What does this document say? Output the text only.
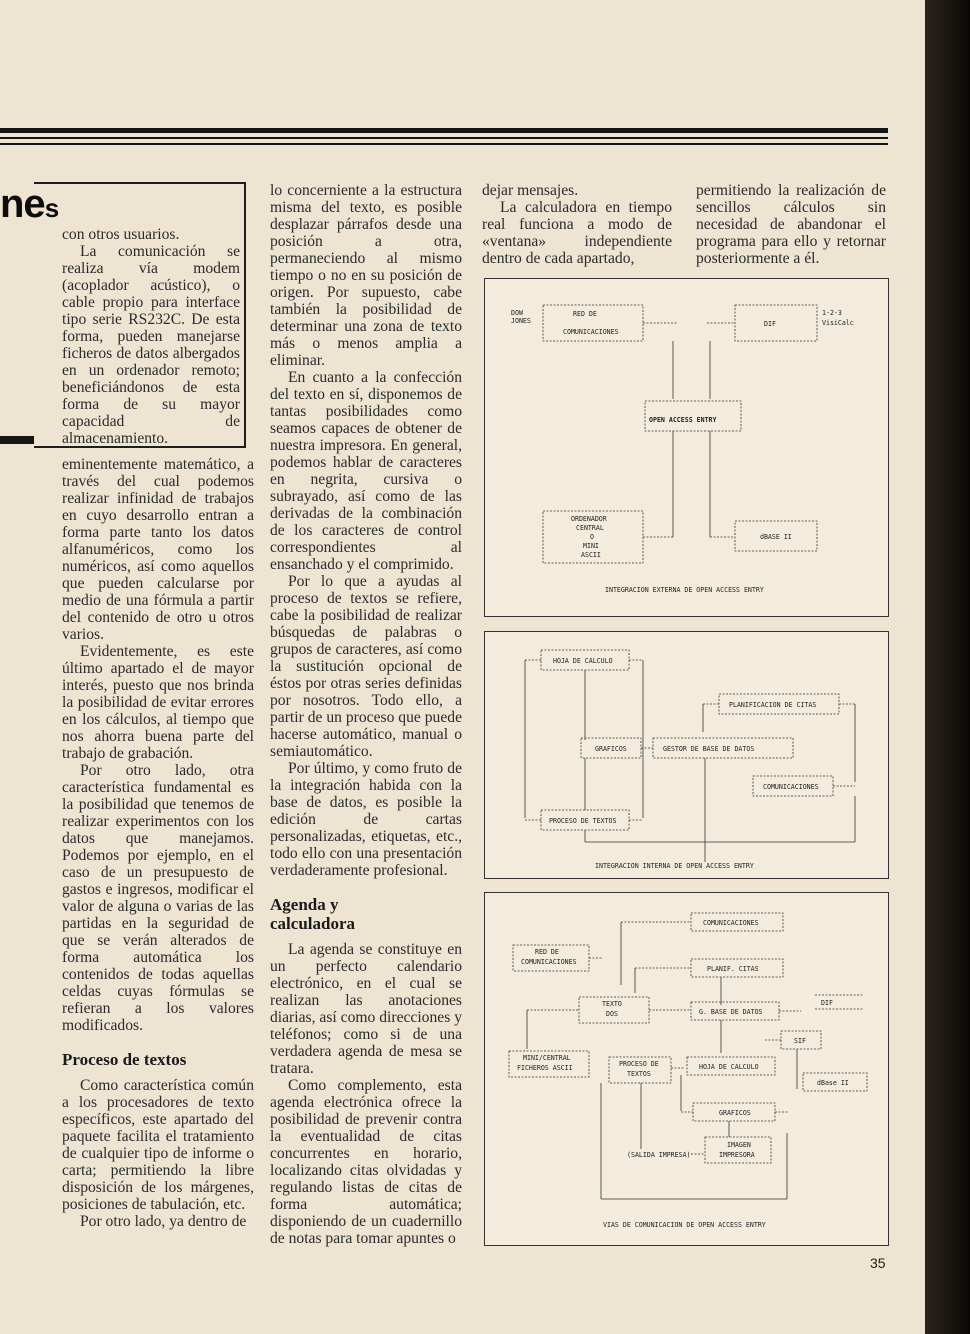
nes

con otros usuarios.

La comunicación se realiza vía modem (acoplador acústico), o cable propio para interface tipo serie RS232C. De esta forma, pueden manejarse ficheros de datos albergados en un ordenador remoto; beneficiándonos de esta forma de su mayor capacidad de almacenamiento.

eminentemente matemático, a través del cual podemos realizar infinidad de trabajos en cuyo desarrollo entran a forma parte tanto los datos alfanuméricos, como los numéricos, así como aquellos que pueden calcularse por medio de una fórmula a partir del contenido de otro u otros varios.

Evidentemente, es este último apartado el de mayor interés, puesto que nos brinda la posibilidad de evitar errores en los cálculos, al tiempo que nos ahorra buena parte del trabajo de grabación.

Por otro lado, otra característica fundamental es la posibilidad que tenemos de realizar experimentos con los datos que manejamos. Podemos por ejemplo, en el caso de un presupuesto de gastos e ingresos, modificar el valor de alguna o varias de las partidas en la seguridad de que se verán alterados de forma automática los contenidos de todas aquellas celdas cuyas fórmulas se refieran a los valores modificados.

Proceso de textos

Como característica común a los procesadores de texto específicos, este apartado del paquete facilita el tratamiento de cualquier tipo de informe o carta; permitiendo la libre disposición de los márgenes, posiciones de tabulación, etc.

Por otro lado, ya dentro de

lo concerniente a la estructura misma del texto, es posible desplazar párrafos desde una posición a otra, permaneciendo al mismo tiempo o no en su posición de origen. Por supuesto, cabe también la posibilidad de determinar una zona de texto más o menos amplia a eliminar.

En cuanto a la confección del texto en sí, disponemos de tantas posibilidades como seamos capaces de obtener de nuestra impresora. En general, podemos hablar de caracteres en negrita, cursiva o subrayado, así como de las derivadas de la combinación de los caracteres de control correspondientes al ensanchado y el comprimido.

Por lo que a ayudas al proceso de textos se refiere, cabe la posibilidad de realizar búsquedas de palabras o grupos de caracteres, así como la sustitución opcional de éstos por otras series definidas por nosotros. Todo ello, a partir de un proceso que puede hacerse automático, manual o semiautomático.

Por último, y como fruto de la integración habida con la base de datos, es posible la edición de cartas personalizadas, etiquetas, etc., todo ello con una presentación verdaderamente profesional.

Agenda y calculadora

La agenda se constituye en un perfecto calendario electrónico, en el cual se realizan las anotaciones diarias, así como direcciones y teléfonos; como si de una verdadera agenda de mesa se tratara.

Como complemento, esta agenda electrónica ofrece la posibilidad de prevenir contra la eventualidad de citas concurrentes en horario, localizando citas olvidadas y regulando listas de citas de forma automática; disponiendo de un cuadernillo de notas para tomar apuntes o

dejar mensajes.

La calculadora en tiempo real funciona a modo de «ventana» independiente dentro de cada apartado,

permitiendo la realización de sencillos cálculos sin necesidad de abandonar el programa para ello y retornar posteriormente a él.

DOW JONES
RED DE
COMUNICACIONES
DIF
1-2-3
VisiCalc
OPEN ACCESS ENTRY
ORDENADOR
CENTRAL
O
MINI
ASCII
dBASE II
INTEGRACION EXTERNA DE OPEN ACCESS ENTRY
HOJA DE CALCULO
PLANIFICACION DE CITAS
GRAFICOS	GESTOR DE BASE DE DATOS
COMUNICACIONES
PROCESO DE TEXTOS
INTEGRACION INTERNA DE OPEN ACCESS ENTRY
COMUNICACIONES
RED DE
COMUNICACIONES
PLANIF. CITAS
TEXTO
DOS	G. BASE DE DATOS
DIF
SIF
MINI/CENTRAL
FICHEROS ASCII	PROCESO DE
TEXTOS
HOJA DE CALCULO
dBase II
GRAFICOS
IMAGEN
IMPRESORA
(SALIDA IMPRESA)
VIAS DE COMUNICACION DE OPEN ACCESS ENTRY
35
